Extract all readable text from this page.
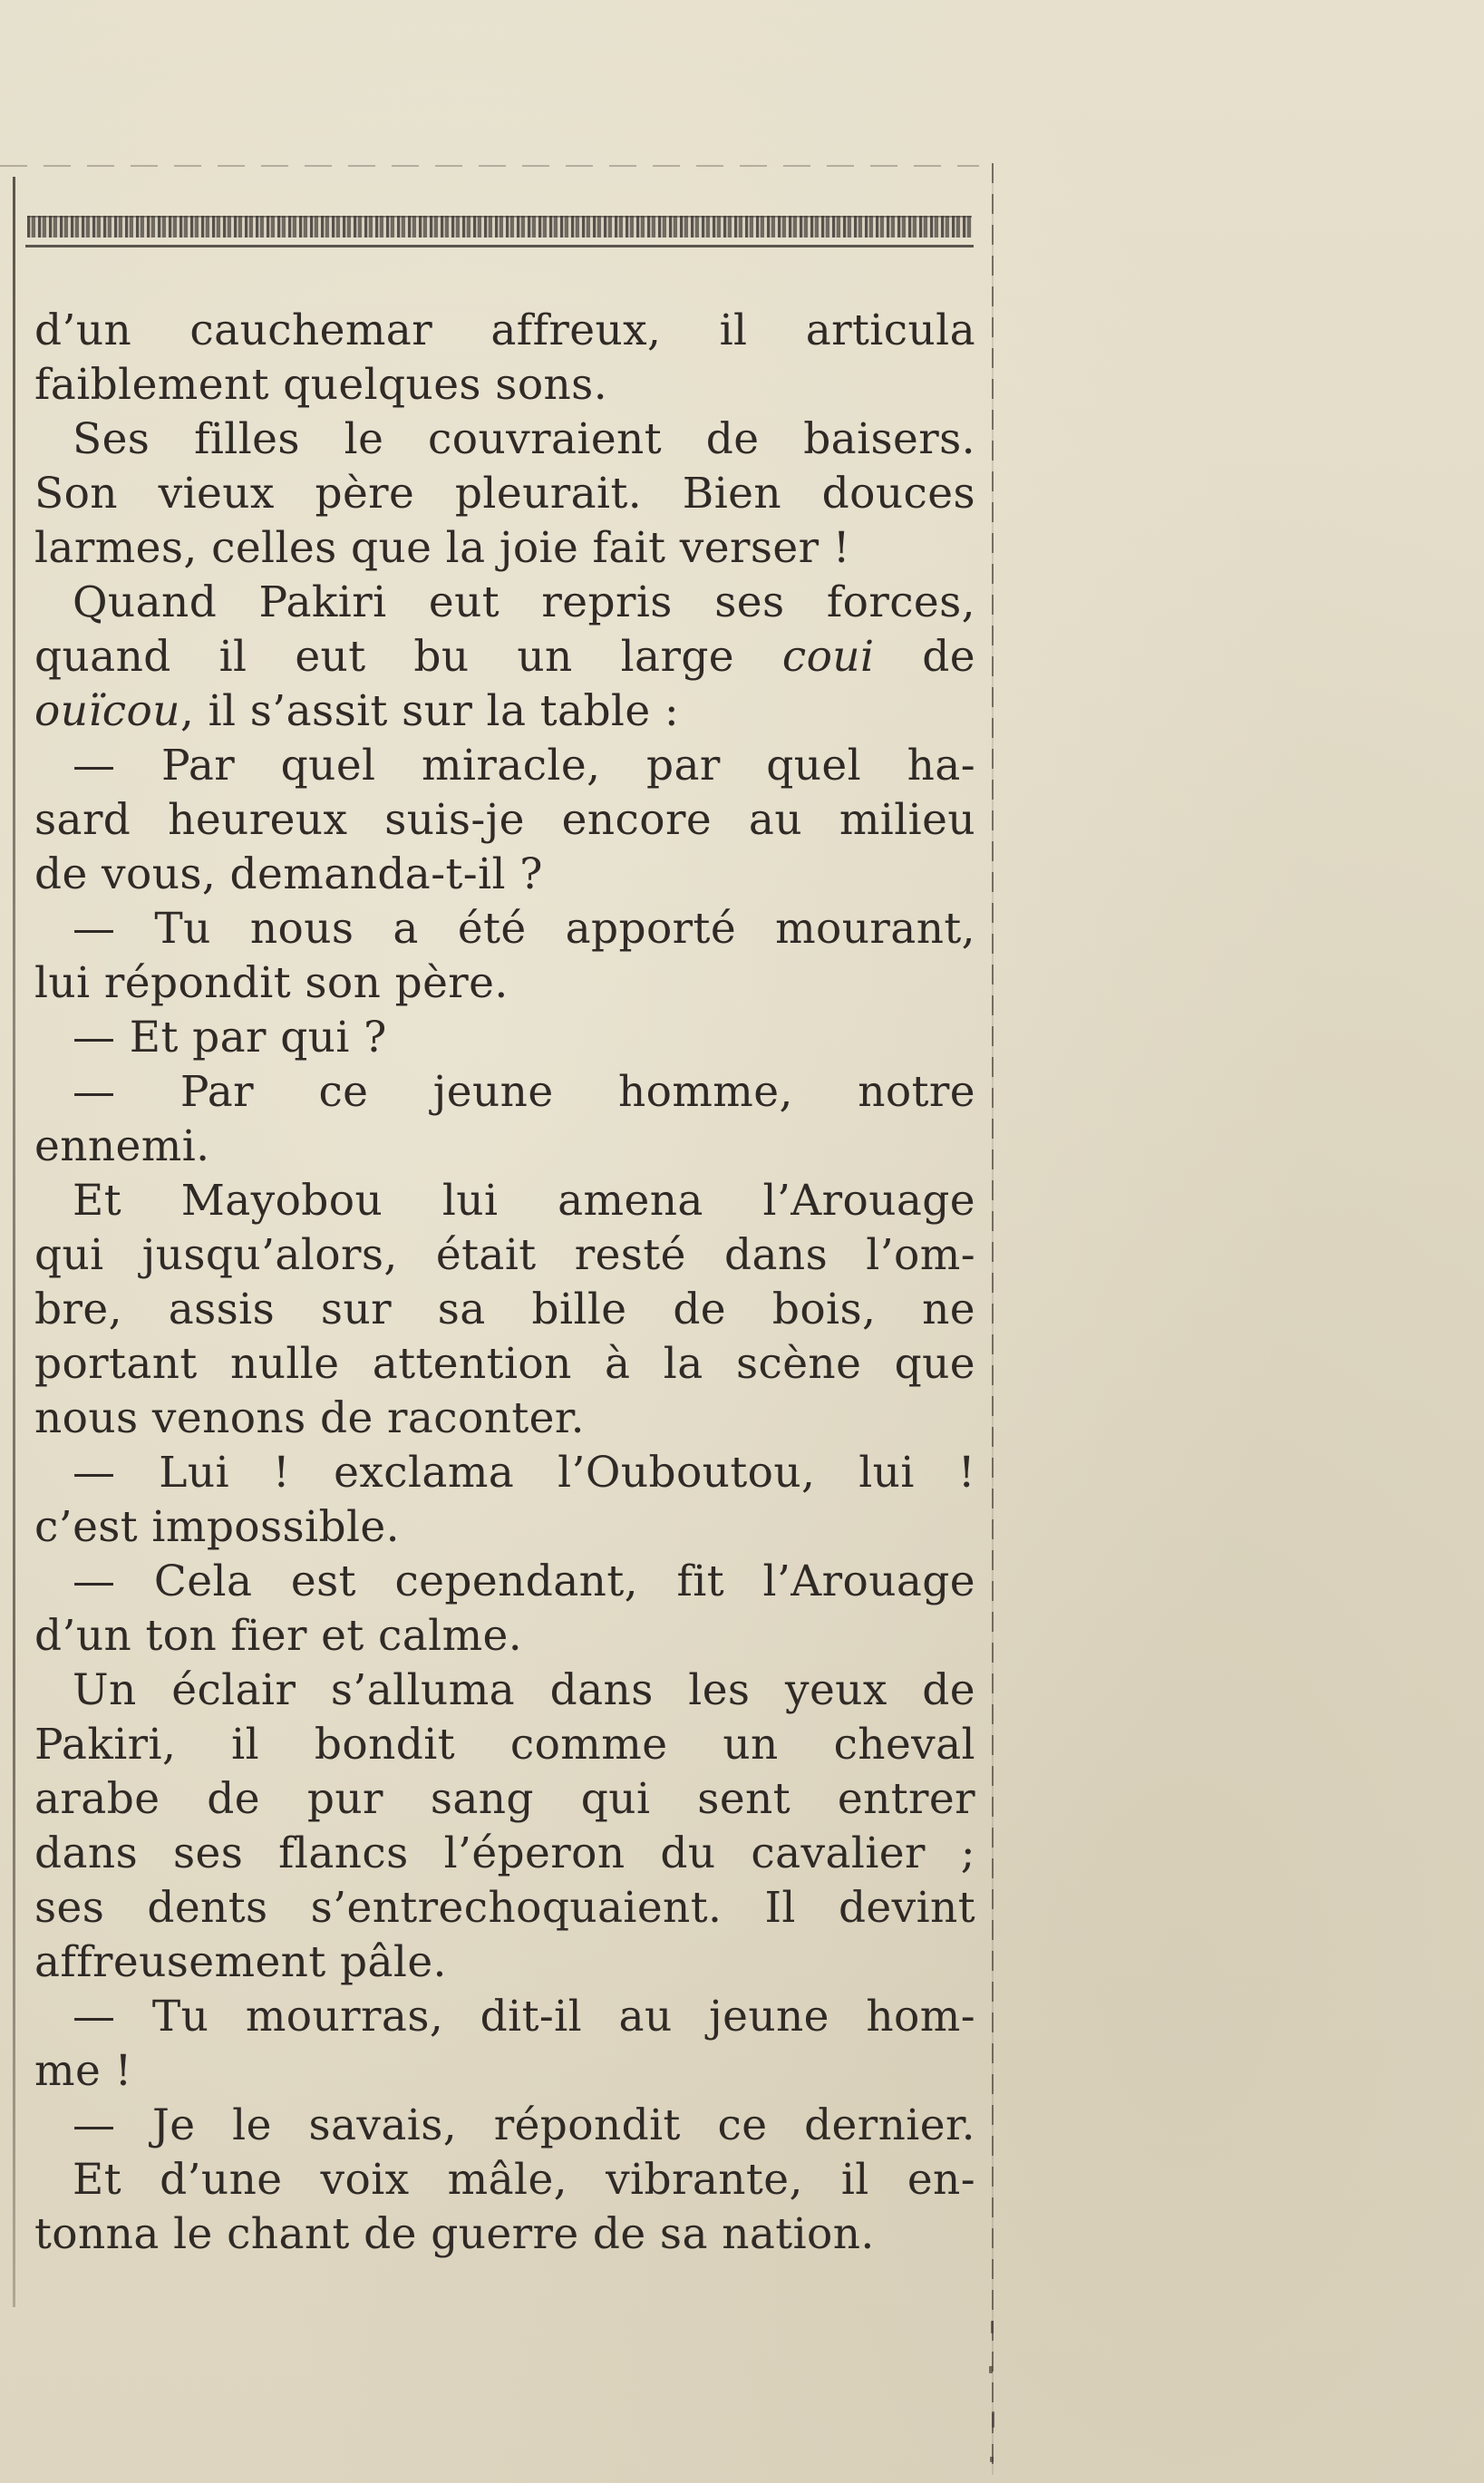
d’un cauchemar affreux, il articula
faiblement quelques sons.
Ses filles le couvraient de baisers.
Son vieux père pleurait. Bien douces
larmes, celles que la joie fait verser !
Quand Pakiri eut repris ses forces,
quand il eut bu un large coui de
ouïcou, il s’assit sur la table :
— Par quel miracle, par quel ha-
sard heureux suis-je encore au milieu
de vous, demanda-t-il ?
— Tu nous a été apporté mourant,
lui répondit son père.
— Et par qui ?
— Par ce jeune homme, notre
ennemi.
Et Mayobou lui amena l’Arouage
qui jusqu’alors, était resté dans l’om-
bre, assis sur sa bille de bois, ne
portant nulle attention à la scène que
nous venons de raconter.
— Lui ! exclama l’Ouboutou, lui !
c’est impossible.
— Cela est cependant, fit l’Arouage
d’un ton fier et calme.
Un éclair s’alluma dans les yeux de
Pakiri, il bondit comme un cheval
arabe de pur sang qui sent entrer
dans ses flancs l’éperon du cavalier ;
ses dents s’entrechoquaient. Il devint
affreusement pâle.
— Tu mourras, dit-il au jeune hom-
me !
— Je le savais, répondit ce dernier.
Et d’une voix mâle, vibrante, il en-
tonna le chant de guerre de sa nation.
